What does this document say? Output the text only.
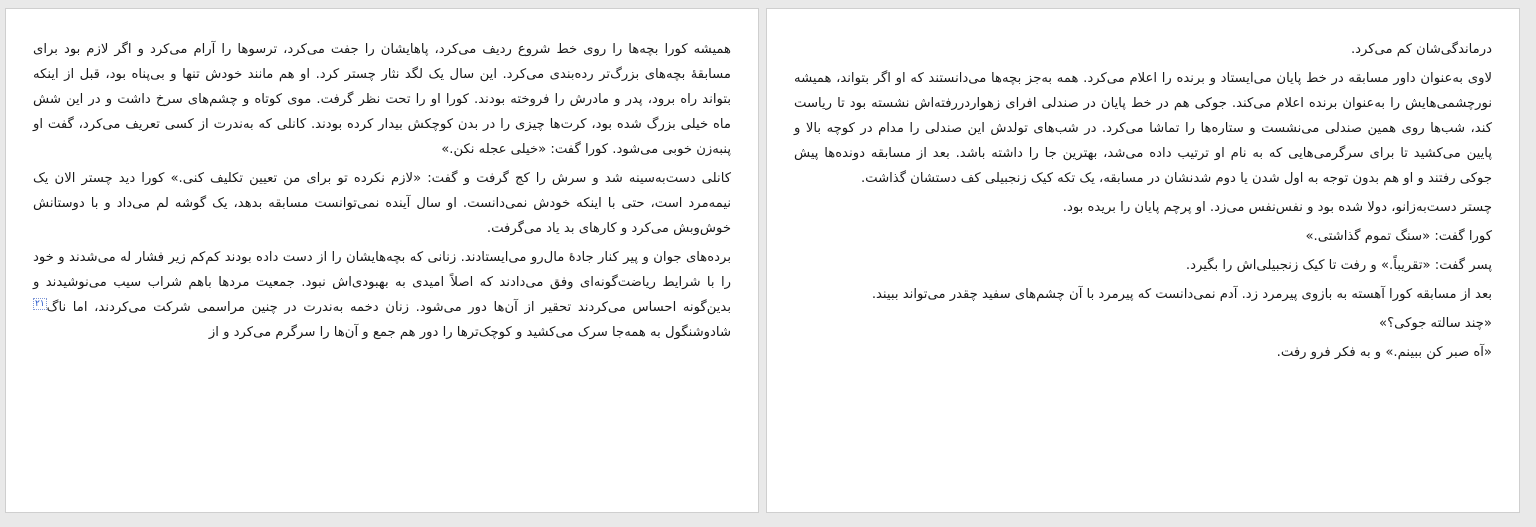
همیشه کورا بچه‌ها را روی خط شروع ردیف می‌کرد، پاهایشان را جفت می‌کرد، ترسوها را آرام می‌کرد و اگر لازم بود برای مسابقهٔ بچه‌های بزرگ‌تر رده‌بندی می‌کرد. این سال یک لگد نثار چستر کرد. او هم مانند خودش تنها و بی‌پناه بود، قبل از اینکه بتواند راه برود، پدر و مادرش را فروخته بودند. کورا او را تحت نظر گرفت. موی کوتاه و چشم‌های سرخ داشت و در این شش ماه خیلی بزرگ شده بود، کرت‌ها چیزی را در بدن کوچکش بیدار کرده بودند. کانلی که به‌ندرت از کسی تعریف می‌کرد، گفت او پنبه‌زن خوبی می‌شود. کورا گفت: «خیلی عجله نکن.»

کانلی دست‌به‌سینه شد و سرش را کج گرفت و گفت: «لازم نکرده تو برای من تعیین تکلیف کنی.» کورا دید چستر الان یک نیمه‌مرد است، حتی با اینکه خودش نمی‌دانست. او سال آینده نمی‌توانست مسابقه بدهد، یک گوشه لم می‌داد و با دوستانش خوش‌وبش می‌کرد و کارهای بد یاد می‌گرفت.

برده‌های جوان و پیر کنار جادهٔ مال‌رو می‌ایستادند. زنانی که بچه‌هایشان را از دست داده بودند کم‌کم زیر فشار له می‌شدند و خود را با شرایط ریاضت‌گونه‌ای وفق می‌دادند که اصلاً امیدی به بهبودی‌اش نبود. جمعیت مردها باهم شراب سیب می‌نوشیدند و بدین‌گونه احساس می‌کردند تحقیر از آن‌ها دور می‌شود. زنان دخمه به‌ندرت در چنین مراسمی شرکت می‌کردند، اما ناگ$^{۲۱}$ شادوشنگول به همه‌جا سرک می‌کشید و کوچک‌ترها را دور هم جمع و آن‌ها را سرگرم می‌کرد و از

درماندگی‌شان کم می‌کرد.

لاوی به‌عنوان داور مسابقه در خط پایان می‌ایستاد و برنده را اعلام می‌کرد. همه به‌جز بچه‌ها می‌دانستند که او اگر بتواند، همیشه نورچشمی‌هایش را به‌عنوان برنده اعلام می‌کند. جوکی هم در خط پایان در صندلی افرای زهواردررفته‌اش نشسته بود تا ریاست کند، شب‌ها روی همین صندلی می‌نشست و ستاره‌ها را تماشا می‌کرد. در شب‌های تولدش این صندلی را مدام در کوچه بالا و پایین می‌کشید تا برای سرگرمی‌هایی که به نام او ترتیب داده می‌شد، بهترین جا را داشته باشد. بعد از مسابقه دونده‌ها پیش جوکی رفتند و او هم بدون توجه به اول شدن یا دوم شدنشان در مسابقه، یک تکه کیک زنجبیلی کف دستشان گذاشت.

چستر دست‌به‌زانو، دولا شده بود و نفس‌نفس می‌زد. او پرچم پایان را بریده بود.

کورا گفت: «سنگ تموم گذاشتی.»

پسر گفت: «تقریباً.» و رفت تا کیک زنجبیلی‌اش را بگیرد.

بعد از مسابقه کورا آهسته به بازوی پیرمرد زد. آدم نمی‌دانست که پیرمرد با آن چشم‌های سفید چقدر می‌تواند ببیند.

«چند سالته جوکی؟»

«آه صبر کن ببینم.» و به فکر فرو رفت.
